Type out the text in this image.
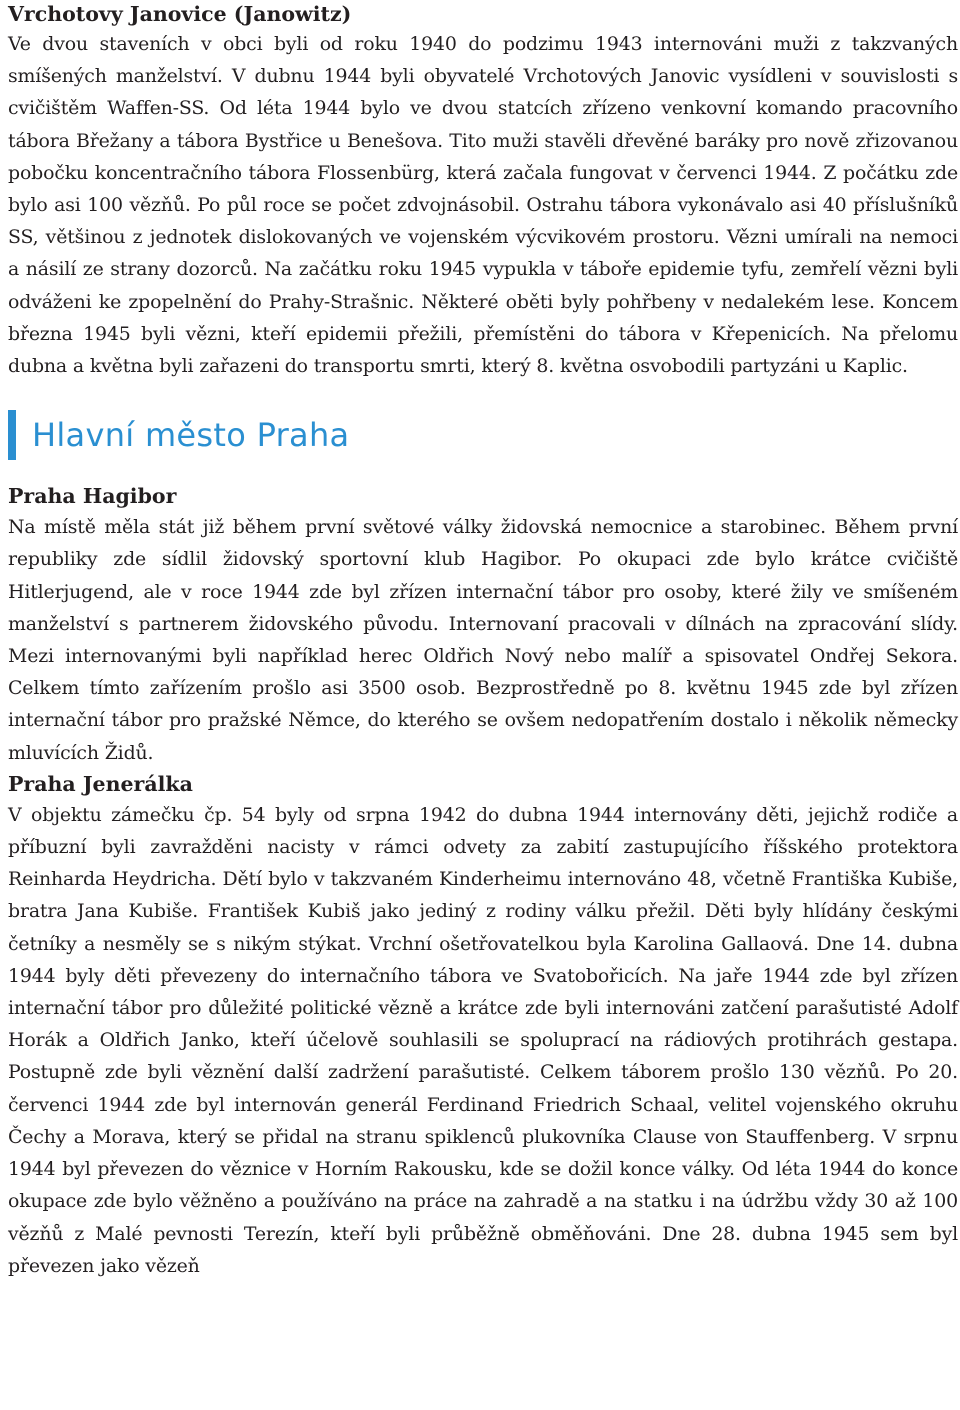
Vrchotovy Janovice (Janowitz)

Ve dvou staveních v obci byli od roku 1940 do podzimu 1943 internováni muži z takzvaných smíšených manželství. V dubnu 1944 byli obyvatelé Vrchotových Janovic vysídleni v souvislosti s cvičištěm Waffen-SS. Od léta 1944 bylo ve dvou statcích zřízeno venkovní komando pracovního tábora Břežany a tábora Bystřice u Benešova. Tito muži stavěli dřevěné baráky pro nově zřizovanou pobočku koncentračního tábora Flossenbürg, která začala fungovat v červenci 1944. Z počátku zde bylo asi 100 vězňů. Po půl roce se počet zdvojnásobil. Ostrahu tábora vykonávalo asi 40 příslušníků SS, většinou z jednotek dislokovaných ve vojenském výcvikovém prostoru. Vězni umírali na nemoci a násilí ze strany dozorců. Na začátku roku 1945 vypukla v táboře epidemie tyfu, zemřelí vězni byli odváženi ke zpopelnění do Prahy-Strašnic. Některé oběti byly pohřbeny v nedalekém lese. Koncem března 1945 byli vězni, kteří epidemii přežili, přemístěni do tábora v Křepenicích. Na přelomu dubna a května byli zařazeni do transportu smrti, který 8. května osvobodili partyzáni u Kaplic.

Hlavní město Praha
Praha Hagibor

Na místě měla stát již během první světové války židovská nemocnice a starobinec. Během první republiky zde sídlil židovský sportovní klub Hagibor. Po okupaci zde bylo krátce cvičiště Hitlerjugend, ale v roce 1944 zde byl zřízen internační tábor pro osoby, které žily ve smíšeném manželství s partnerem židovského původu. Internovaní pracovali v dílnách na zpracování slídy. Mezi internovanými byli například herec Oldřich Nový nebo malíř a spisovatel Ondřej Sekora. Celkem tímto zařízením prošlo asi 3500 osob. Bezprostředně po 8. květnu 1945 zde byl zřízen internační tábor pro pražské Němce, do kterého se ovšem nedopatřením dostalo i několik německy mluvících Židů.

Praha Jenerálka

V objektu zámečku čp. 54 byly od srpna 1942 do dubna 1944 internovány děti, jejichž rodiče a příbuzní byli zavražděni nacisty v rámci odvety za zabití zastupujícího říšského protektora Reinharda Heydricha. Dětí bylo v takzvaném Kinderheimu internováno 48, včetně Františka Kubiše, bratra Jana Kubiše. František Kubiš jako jediný z rodiny válku přežil. Děti byly hlídány českými četníky a nesměly se s nikým stýkat. Vrchní ošetřovatelkou byla Karolina Gallaová. Dne 14. dubna 1944 byly děti převezeny do internačního tábora ve Svatobořicích. Na jaře 1944 zde byl zřízen internační tábor pro důležité politické vězně a krátce zde byli internováni zatčení parašutisté Adolf Horák a Oldřich Janko, kteří účelově souhlasili se spoluprací na rádiových protihrách gestapa. Postupně zde byli věznění další zadržení parašutisté. Celkem táborem prošlo 130 vězňů. Po 20. červenci 1944 zde byl internován generál Ferdinand Friedrich Schaal, velitel vojenského okruhu Čechy a Morava, který se přidal na stranu spiklenců plukovníka Clause von Stauffenberg. V srpnu 1944 byl převezen do věznice v Horním Rakousku, kde se dožil konce války. Od léta 1944 do konce okupace zde bylo věžněno a používáno na práce na zahradě a na statku i na údržbu vždy 30 až 100 vězňů z Malé pevnosti Terezín, kteří byli průběžně obměňováni. Dne 28. dubna 1945 sem byl převezen jako vězeň
